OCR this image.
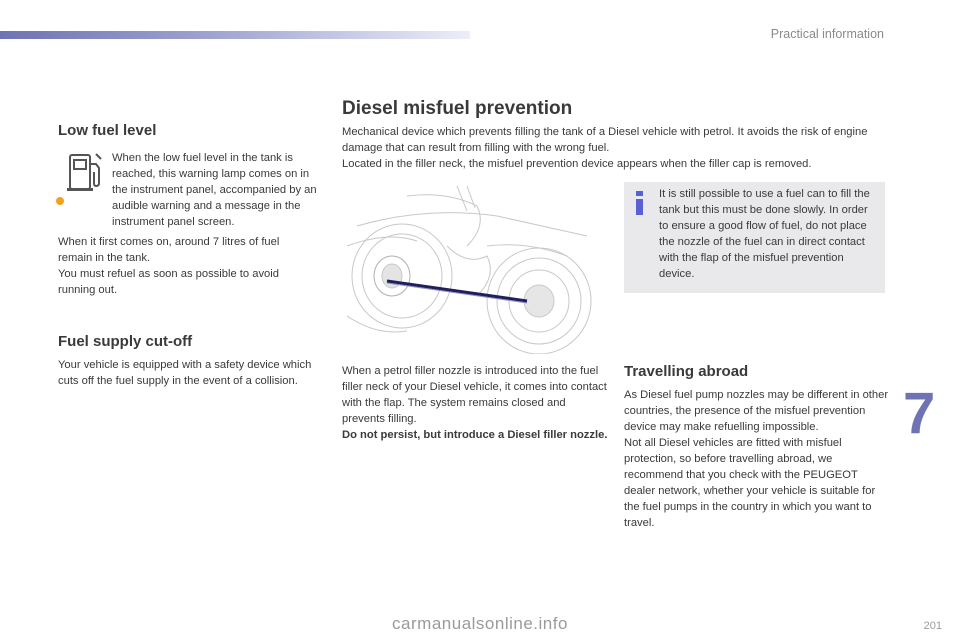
Practical information
Low fuel level

When the low fuel level in the tank is reached, this warning lamp comes on in the instrument panel, accompanied by an audible warning and a message in the instrument panel screen.

When it first comes on, around 7 litres of fuel remain in the tank.
You must refuel as soon as possible to avoid running out.

Fuel supply cut-off

Your vehicle is equipped with a safety device which cuts off the fuel supply in the event of a collision.

Diesel misfuel prevention

Mechanical device which prevents filling the tank of a Diesel vehicle with petrol. It avoids the risk of engine damage that can result from filling with the wrong fuel.
Located in the filler neck, the misfuel prevention device appears when the filler cap is removed.

It is still possible to use a fuel can to fill the tank but this must be done slowly. In order to ensure a good flow of fuel, do not place the nozzle of the fuel can in direct contact with the flap of the misfuel prevention device.

When a petrol filler nozzle is introduced into the fuel filler neck of your Diesel vehicle, it comes into contact with the flap. The system remains closed and prevents filling.
Do not persist, but introduce a Diesel filler nozzle.

Travelling abroad

As Diesel fuel pump nozzles may be different in other countries, the presence of the misfuel prevention device may make refuelling impossible.
Not all Diesel vehicles are fitted with misfuel protection, so before travelling abroad, we recommend that you check with the PEUGEOT dealer network, whether your vehicle is suitable for the fuel pumps in the country in which you want to travel.

7
carmanualsonline.info	201
